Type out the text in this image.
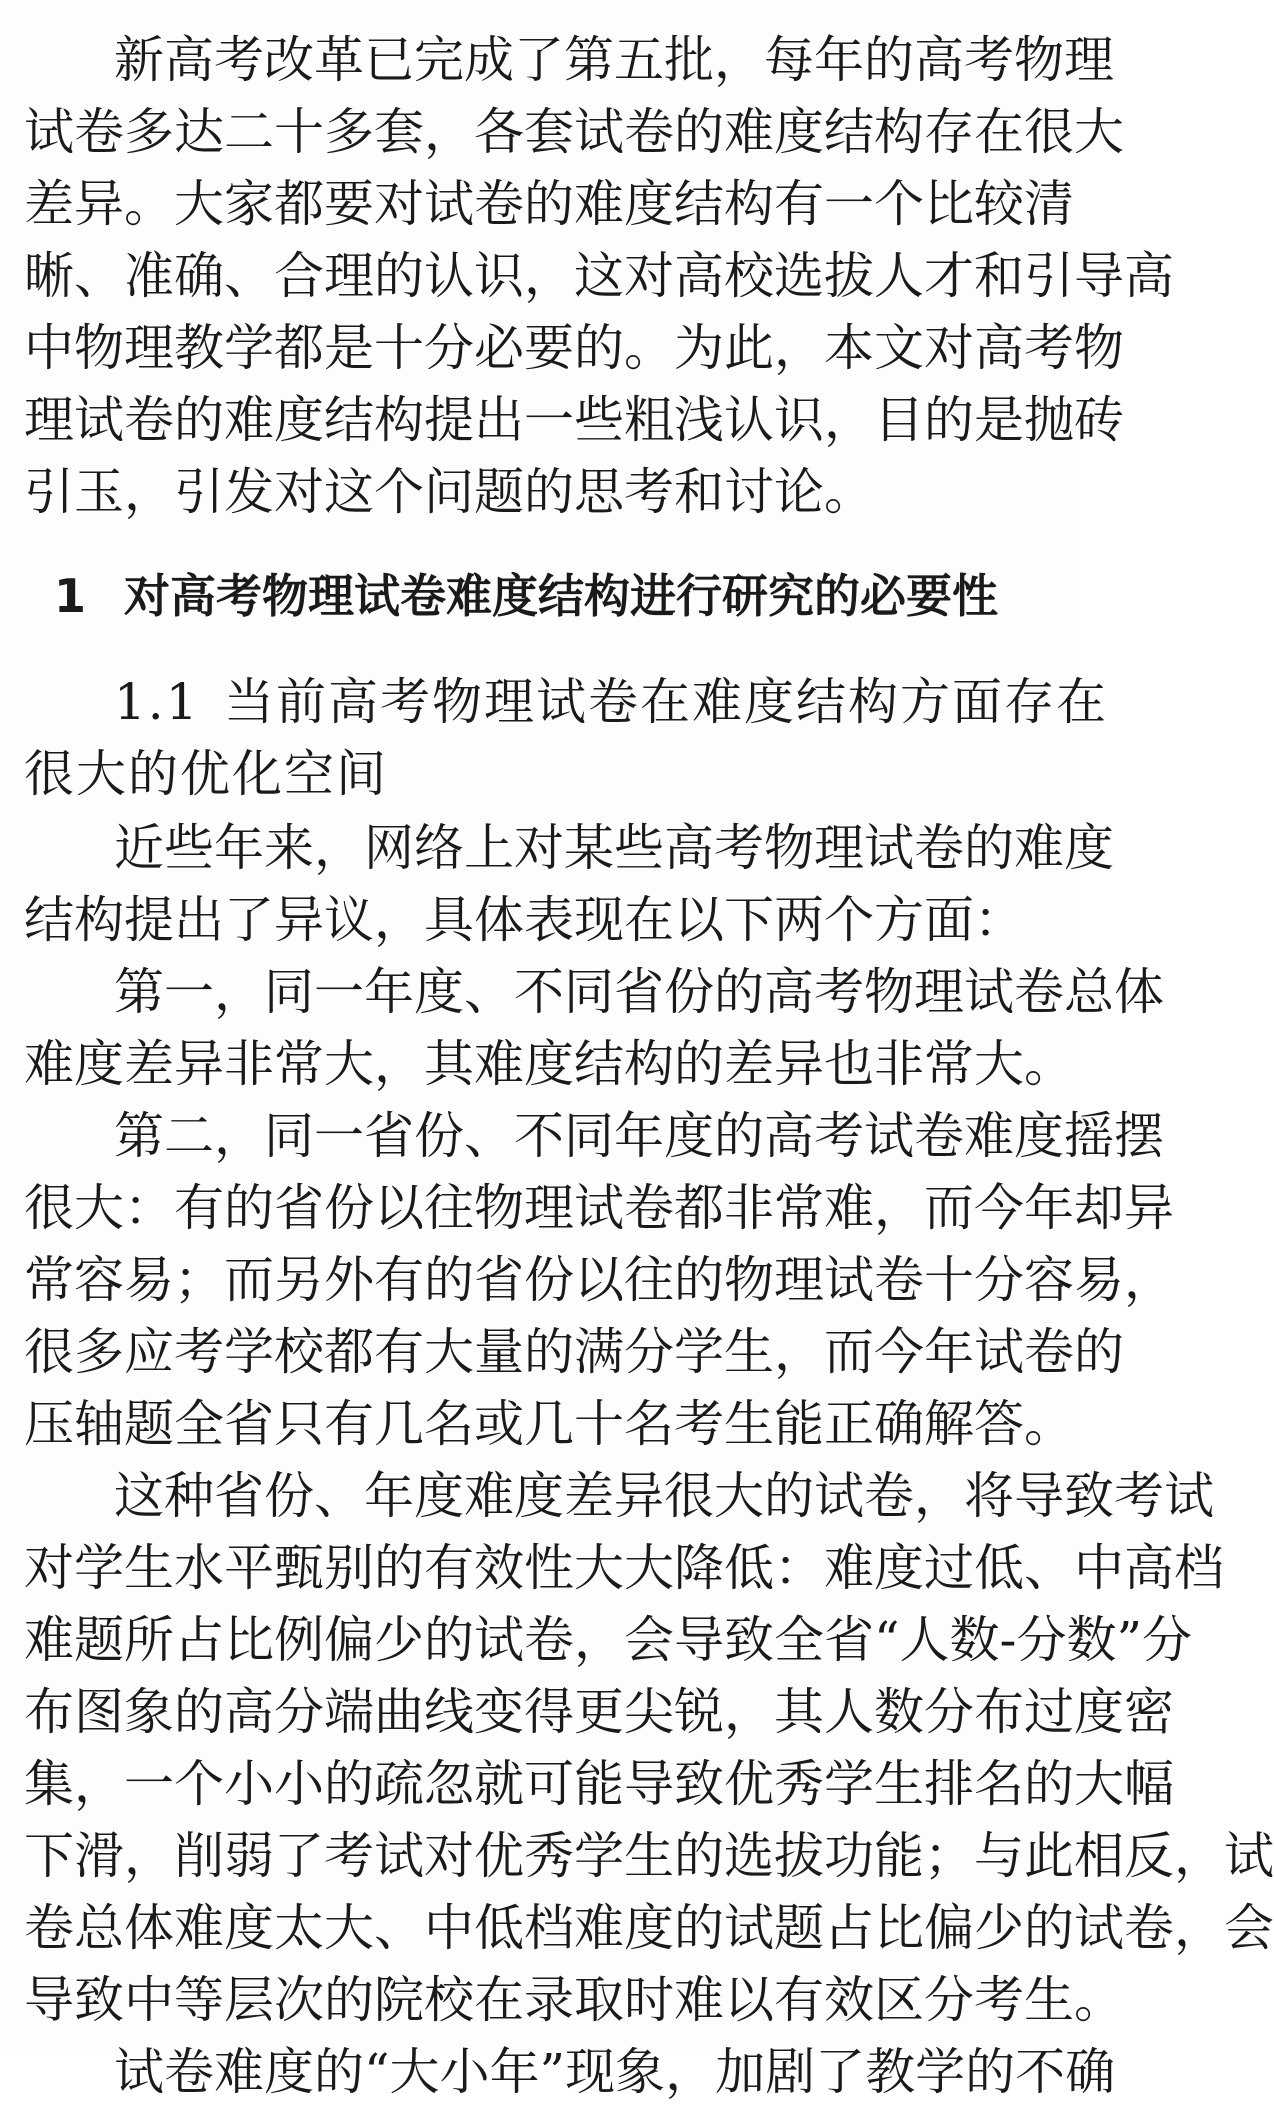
新高考改革已完成了第五批，每年的高考物理
试卷多达二十多套，各套试卷的难度结构存在很大
差异。大家都要对试卷的难度结构有一个比较清
晰、准确、合理的认识，这对高校选拔人才和引导高
中物理教学都是十分必要的。为此，本文对高考物
理试卷的难度结构提出一些粗浅认识，目的是抛砖
引玉，引发对这个问题的思考和讨论。
1 对高考物理试卷难度结构进行研究的必要性
1.1 当前高考物理试卷在难度结构方面存在
很大的优化空间
近些年来，网络上对某些高考物理试卷的难度
结构提出了异议，具体表现在以下两个方面：
第一，同一年度、不同省份的高考物理试卷总体
难度差异非常大，其难度结构的差异也非常大。
第二，同一省份、不同年度的高考试卷难度摇摆
很大：有的省份以往物理试卷都非常难，而今年却异
常容易；而另外有的省份以往的物理试卷十分容易，
很多应考学校都有大量的满分学生，而今年试卷的
压轴题全省只有几名或几十名考生能正确解答。
这种省份、年度难度差异很大的试卷，将导致考试
对学生水平甄别的有效性大大降低：难度过低、中高档
难题所占比例偏少的试卷，会导致全省“人数-分数”分
布图象的高分端曲线变得更尖锐，其人数分布过度密
集，一个小小的疏忽就可能导致优秀学生排名的大幅
下滑，削弱了考试对优秀学生的选拔功能；与此相反，试
卷总体难度太大、中低档难度的试题占比偏少的试卷，会
导致中等层次的院校在录取时难以有效区分考生。
试卷难度的“大小年”现象，加剧了教学的不确
